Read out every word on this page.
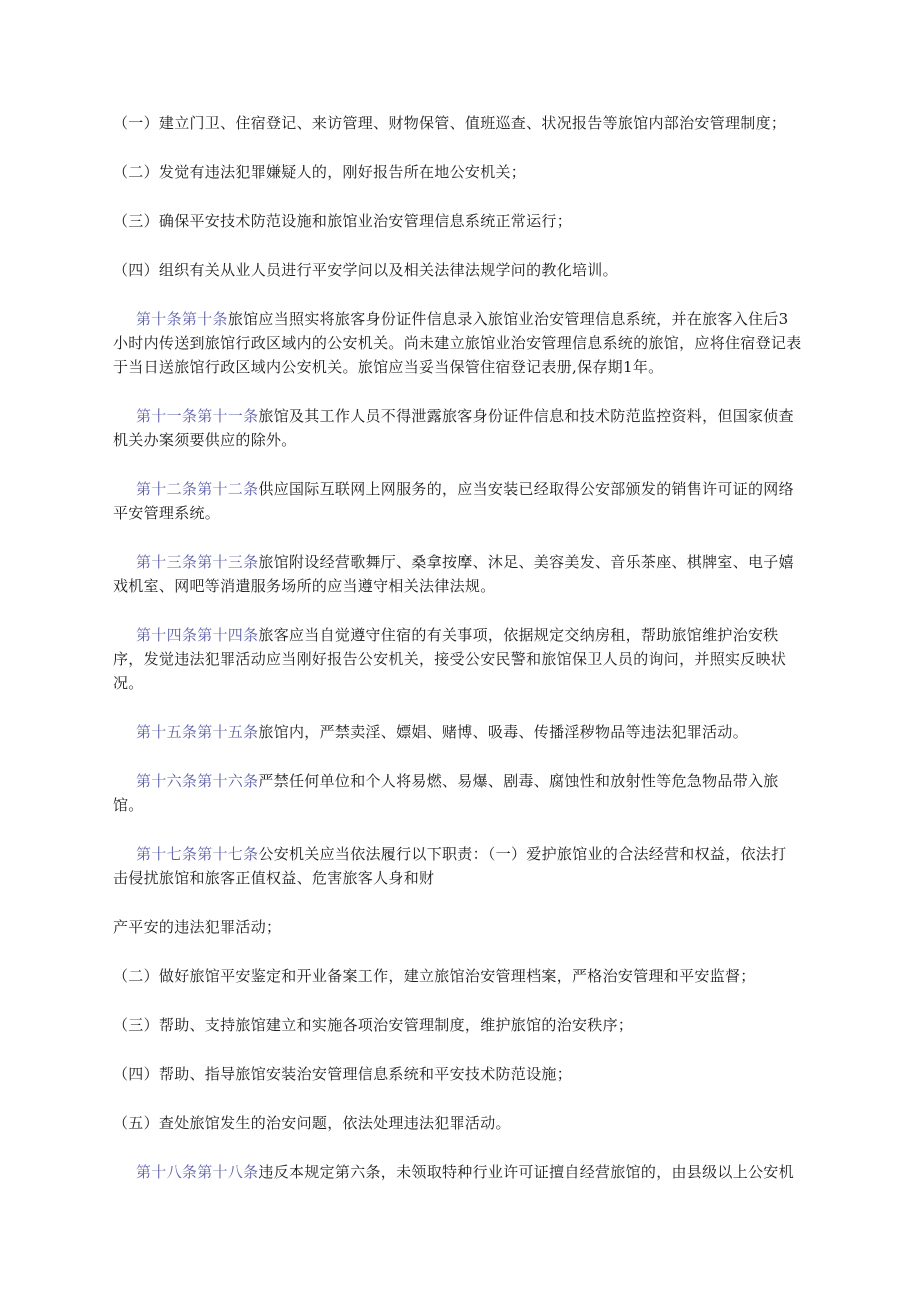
（一）建立门卫、住宿登记、来访管理、财物保管、值班巡查、状况报告等旅馆内部治安管理制度；
（二）发觉有违法犯罪嫌疑人的，刚好报告所在地公安机关；
（三）确保平安技术防范设施和旅馆业治安管理信息系统正常运行；
（四）组织有关从业人员进行平安学问以及相关法律法规学问的教化培训。
第十条第十条旅馆应当照实将旅客身份证件信息录入旅馆业治安管理信息系统，并在旅客入住后3
小时内传送到旅馆行政区域内的公安机关。尚未建立旅馆业治安管理信息系统的旅馆，应将住宿登记表
于当日送旅馆行政区域内公安机关。旅馆应当妥当保管住宿登记表册,保存期1年。
第十一条第十一条旅馆及其工作人员不得泄露旅客身份证件信息和技术防范监控资料，但国家侦查
机关办案须要供应的除外。
第十二条第十二条供应国际互联网上网服务的，应当安装已经取得公安部颁发的销售许可证的网络
平安管理系统。
第十三条第十三条旅馆附设经营歌舞厅、桑拿按摩、沐足、美容美发、音乐茶座、棋牌室、电子嬉
戏机室、网吧等消遣服务场所的应当遵守相关法律法规。
第十四条第十四条旅客应当自觉遵守住宿的有关事项，依据规定交纳房租，帮助旅馆维护治安秩
序，发觉违法犯罪活动应当刚好报告公安机关，接受公安民警和旅馆保卫人员的询问，并照实反映状
况。
第十五条第十五条旅馆内，严禁卖淫、嫖娼、赌博、吸毒、传播淫秽物品等违法犯罪活动。
第十六条第十六条严禁任何单位和个人将易燃、易爆、剧毒、腐蚀性和放射性等危急物品带入旅
馆。
第十七条第十七条公安机关应当依法履行以下职责：（一）爱护旅馆业的合法经营和权益，依法打
击侵扰旅馆和旅客正值权益、危害旅客人身和财
产平安的违法犯罪活动；
（二）做好旅馆平安鉴定和开业备案工作，建立旅馆治安管理档案，严格治安管理和平安监督；
（三）帮助、支持旅馆建立和实施各项治安管理制度，维护旅馆的治安秩序；
（四）帮助、指导旅馆安装治安管理信息系统和平安技术防范设施；
（五）查处旅馆发生的治安问题，依法处理违法犯罪活动。
第十八条第十八条违反本规定第六条，未领取特种行业许可证擅自经营旅馆的，由县级以上公安机
